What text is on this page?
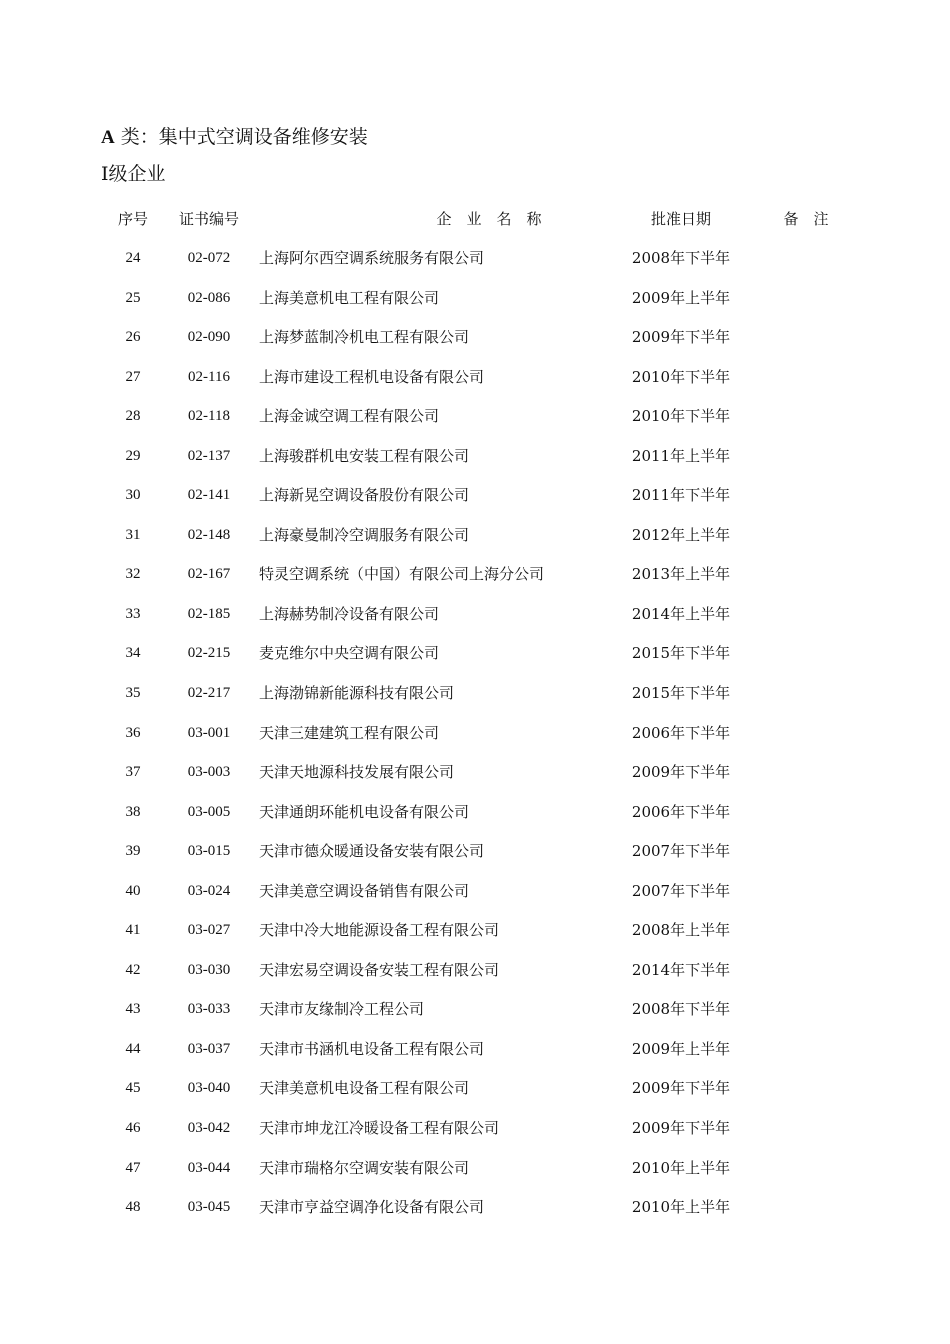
A 类：集中式空调设备维修安装
Ⅰ级企业
序号	证书编号	企　业　名　称	批准日期	备　注
24	02-072	上海阿尔西空调系统服务有限公司	2008年下半年
25	02-086	上海美意机电工程有限公司	2009年上半年
26	02-090	上海梦蓝制冷机电工程有限公司	2009年下半年
27	02-116	上海市建设工程机电设备有限公司	2010年下半年
28	02-118	上海金诚空调工程有限公司	2010年下半年
29	02-137	上海骏群机电安装工程有限公司	2011年上半年
30	02-141	上海新晃空调设备股份有限公司	2011年下半年
31	02-148	上海豪曼制冷空调服务有限公司	2012年上半年
32	02-167	特灵空调系统（中国）有限公司上海分公司	2013年上半年
33	02-185	上海赫势制冷设备有限公司	2014年上半年
34	02-215	麦克维尔中央空调有限公司	2015年下半年
35	02-217	上海渤锦新能源科技有限公司	2015年下半年
36	03-001	天津三建建筑工程有限公司	2006年下半年
37	03-003	天津天地源科技发展有限公司	2009年下半年
38	03-005	天津通朗环能机电设备有限公司	2006年下半年
39	03-015	天津市德众暖通设备安装有限公司	2007年下半年
40	03-024	天津美意空调设备销售有限公司	2007年下半年
41	03-027	天津中冷大地能源设备工程有限公司	2008年上半年
42	03-030	天津宏易空调设备安装工程有限公司	2014年下半年
43	03-033	天津市友缘制冷工程公司	2008年下半年
44	03-037	天津市书涵机电设备工程有限公司	2009年上半年
45	03-040	天津美意机电设备工程有限公司	2009年下半年
46	03-042	天津市坤龙江冷暖设备工程有限公司	2009年下半年
47	03-044	天津市瑞格尔空调安装有限公司	2010年上半年
48	03-045	天津市亨益空调净化设备有限公司	2010年上半年
